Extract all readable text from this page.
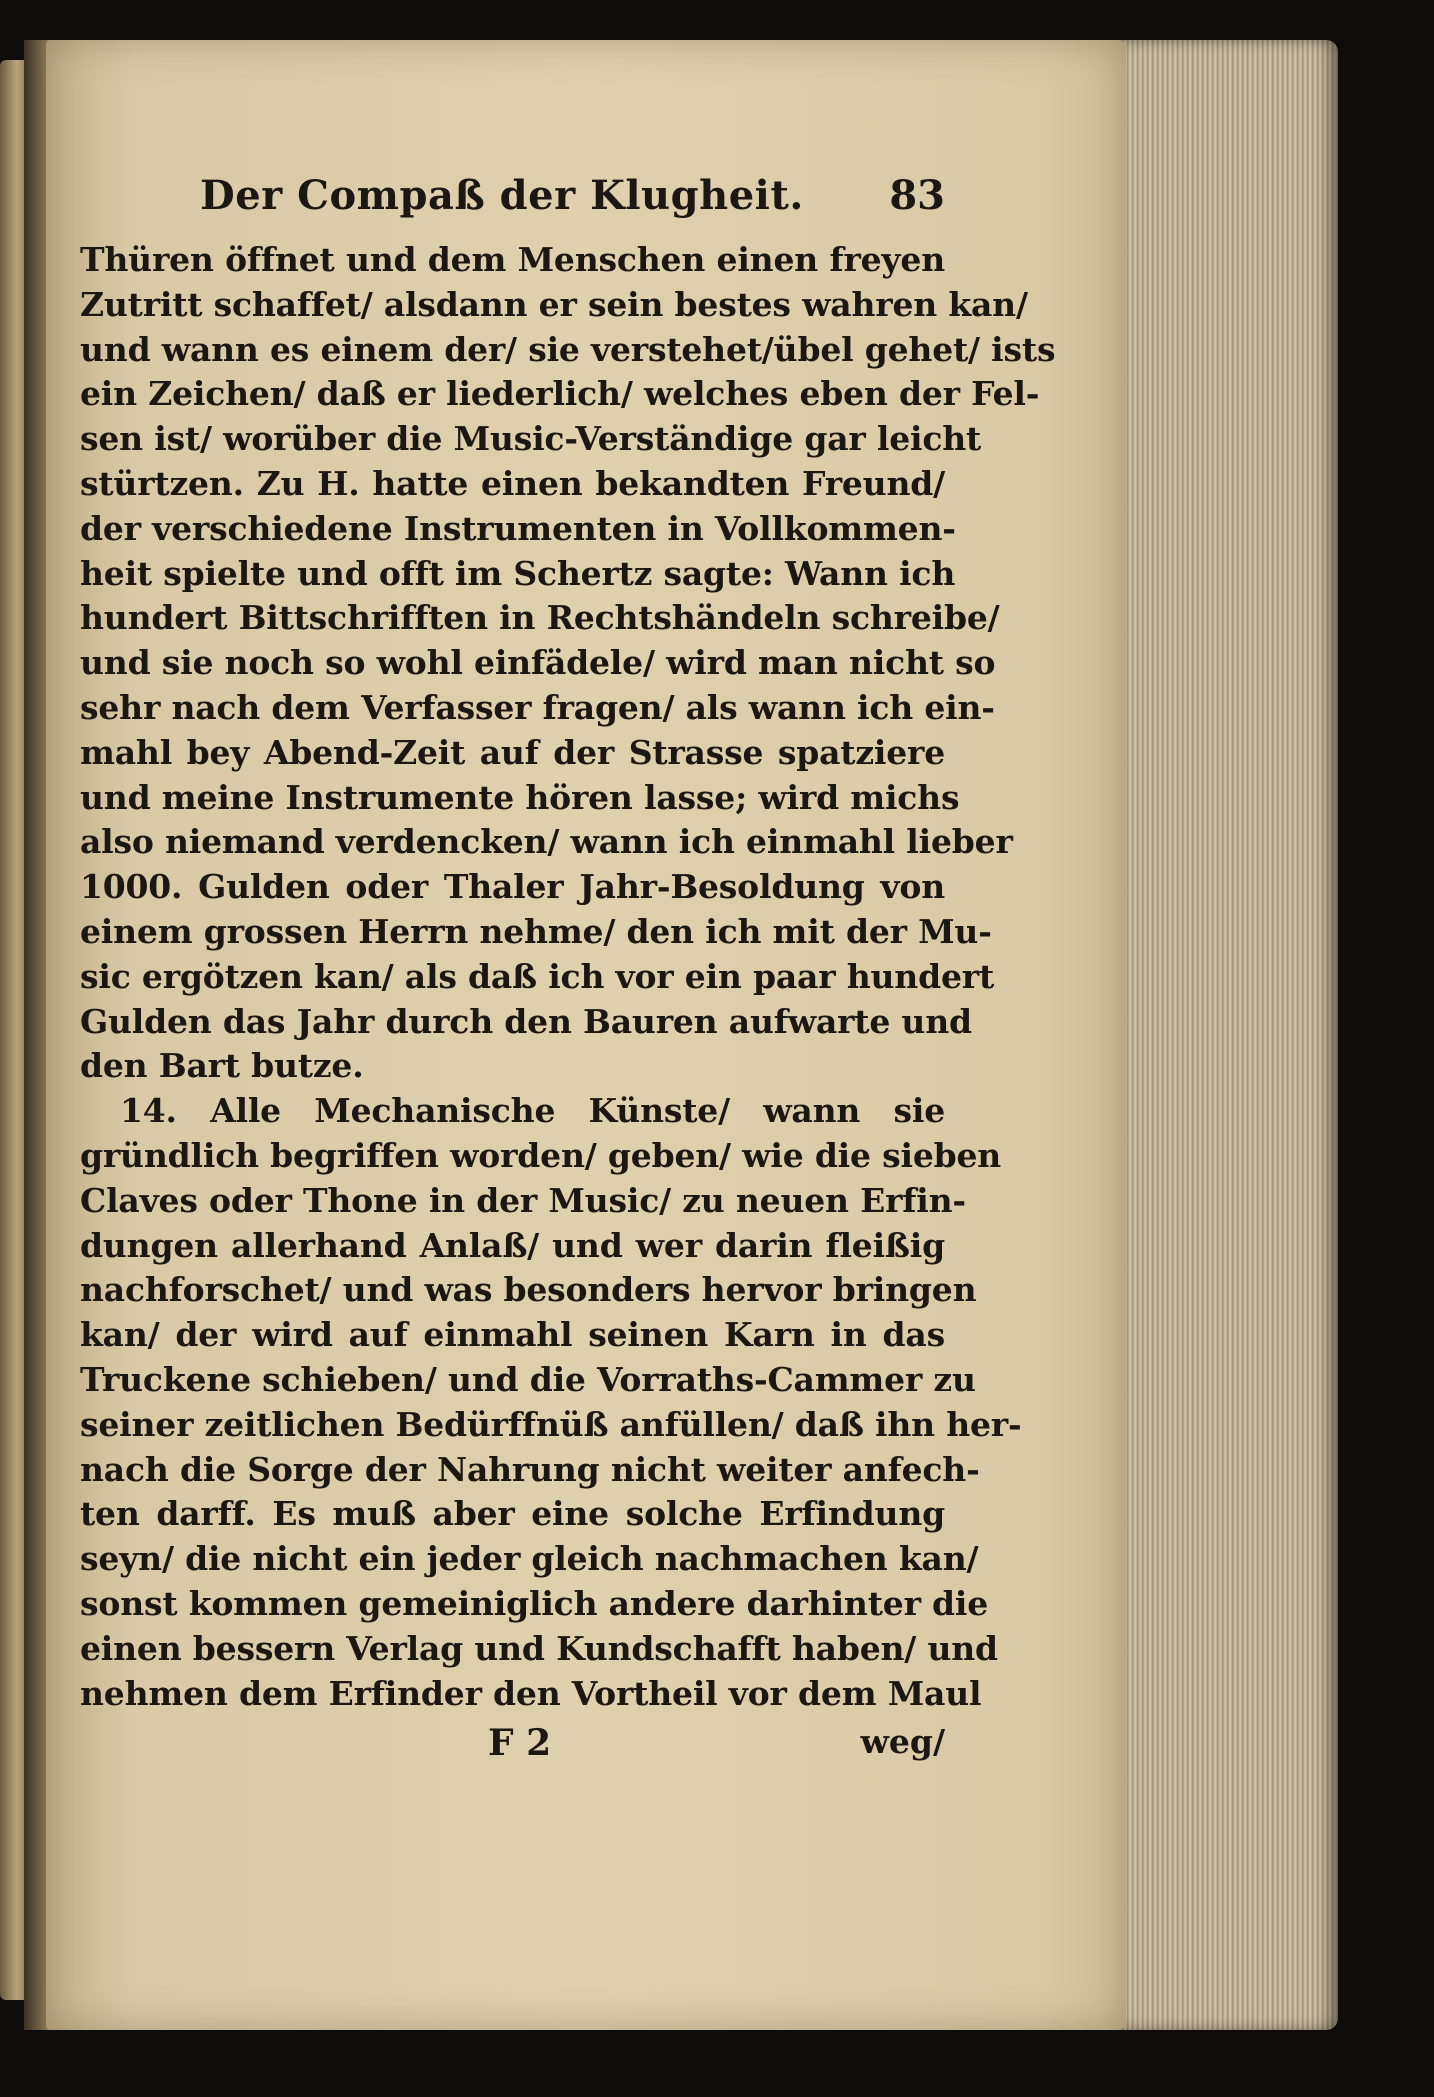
Der Compaß der Klugheit. 83
Thüren öffnet und dem Menschen einen freyen
Zutritt schaffet/ alsdann er sein bestes wahren kan/
und wann es einem der/ sie verstehet/übel gehet/ ists
ein Zeichen/ daß er liederlich/ welches eben der Fel-
sen ist/ worüber die Music-Verständige gar leicht
stürtzen. Zu H. hatte einen bekandten Freund/
der verschiedene Instrumenten in Vollkommen-
heit spielte und offt im Schertz sagte: Wann ich
hundert Bittschrifften in Rechtshändeln schreibe/
und sie noch so wohl einfädele/ wird man nicht so
sehr nach dem Verfasser fragen/ als wann ich ein-
mahl bey Abend-Zeit auf der Strasse spatziere
und meine Instrumente hören lasse; wird michs
also niemand verdencken/ wann ich einmahl lieber
1000. Gulden oder Thaler Jahr-Besoldung von
einem grossen Herrn nehme/ den ich mit der Mu-
sic ergötzen kan/ als daß ich vor ein paar hundert
Gulden das Jahr durch den Bauren aufwarte und
den Bart butze.
14. Alle Mechanische Künste/ wann sie
gründlich begriffen worden/ geben/ wie die sieben
Claves oder Thone in der Music/ zu neuen Erfin-
dungen allerhand Anlaß/ und wer darin fleißig
nachforschet/ und was besonders hervor bringen
kan/ der wird auf einmahl seinen Karn in das
Truckene schieben/ und die Vorraths-Cammer zu
seiner zeitlichen Bedürffnüß anfüllen/ daß ihn her-
nach die Sorge der Nahrung nicht weiter anfech-
ten darff. Es muß aber eine solche Erfindung
seyn/ die nicht ein jeder gleich nachmachen kan/
sonst kommen gemeiniglich andere darhinter die
einen bessern Verlag und Kundschafft haben/ und
nehmen dem Erfinder den Vortheil vor dem Maul
F 2	weg/
